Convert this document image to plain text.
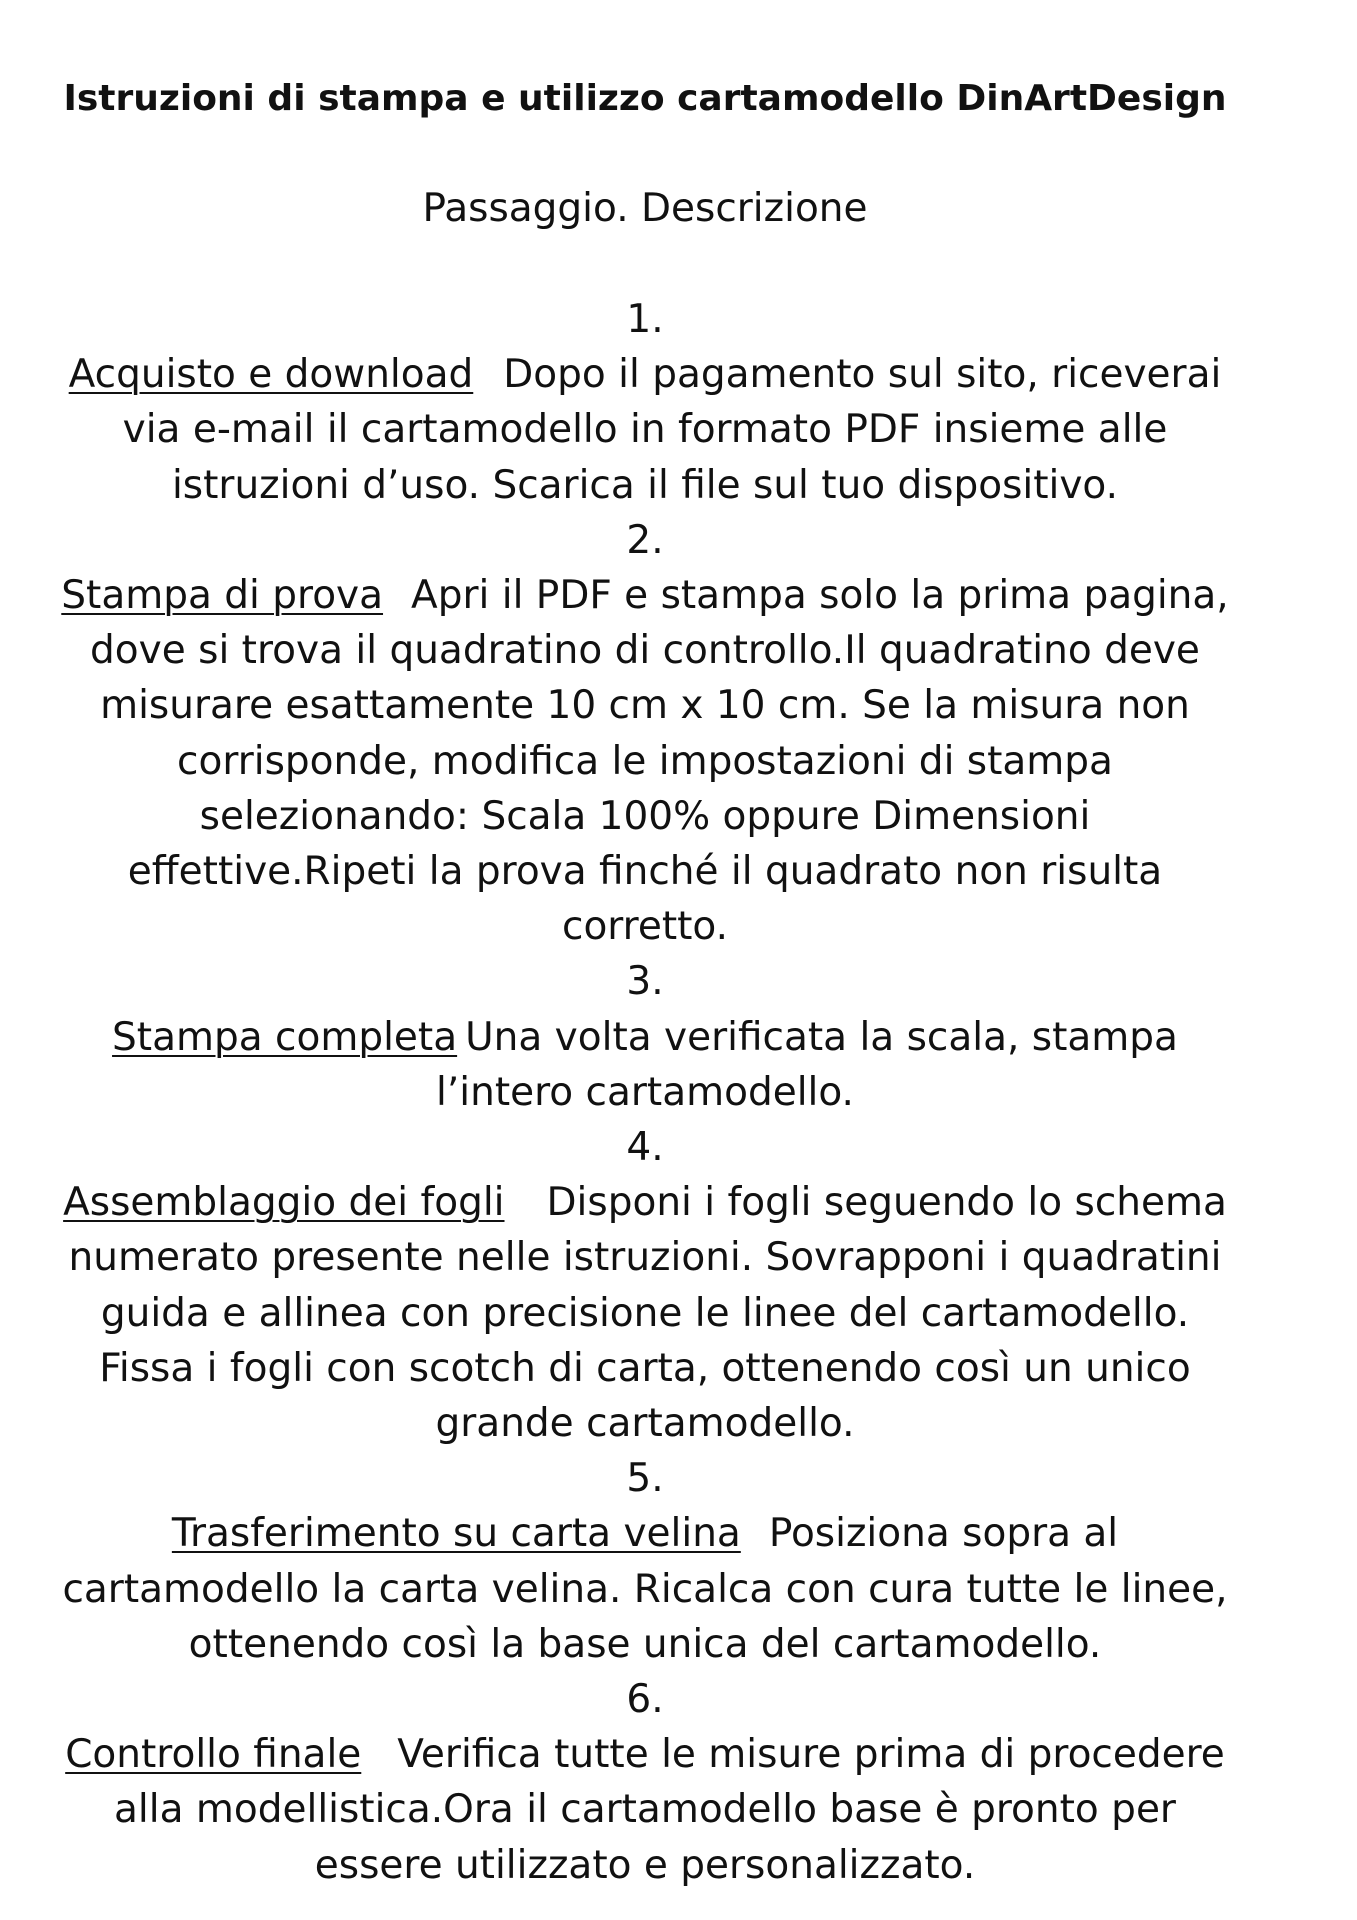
Istruzioni di stampa e utilizzo cartamodello DinArtDesign

Passaggio. Descrizione

1.
Acquisto e download Dopo il pagamento sul sito, riceverai via e-mail il cartamodello in formato PDF insieme alle istruzioni d’uso. Scarica il file sul tuo dispositivo.
2.
Stampa di prova Apri il PDF e stampa solo la prima pagina, dove si trova il quadratino di controllo.Il quadratino deve misurare esattamente 10 cm x 10 cm. Se la misura non corrisponde, modifica le impostazioni di stampa selezionando: Scala 100% oppure Dimensioni effettive.Ripeti la prova finché il quadrato non risulta corretto.
3.
Stampa completa Una volta verificata la scala, stampa l’intero cartamodello.
4.
Assemblaggio dei fogli Disponi i fogli seguendo lo schema numerato presente nelle istruzioni. Sovrapponi i quadratini guida e allinea con precisione le linee del cartamodello. Fissa i fogli con scotch di carta, ottenendo così un unico grande cartamodello.
5.
Trasferimento su carta velina Posiziona sopra al cartamodello la carta velina. Ricalca con cura tutte le linee, ottenendo così la base unica del cartamodello.
6.
Controllo finale Verifica tutte le misure prima di procedere alla modellistica.Ora il cartamodello base è pronto per essere utilizzato e personalizzato.
